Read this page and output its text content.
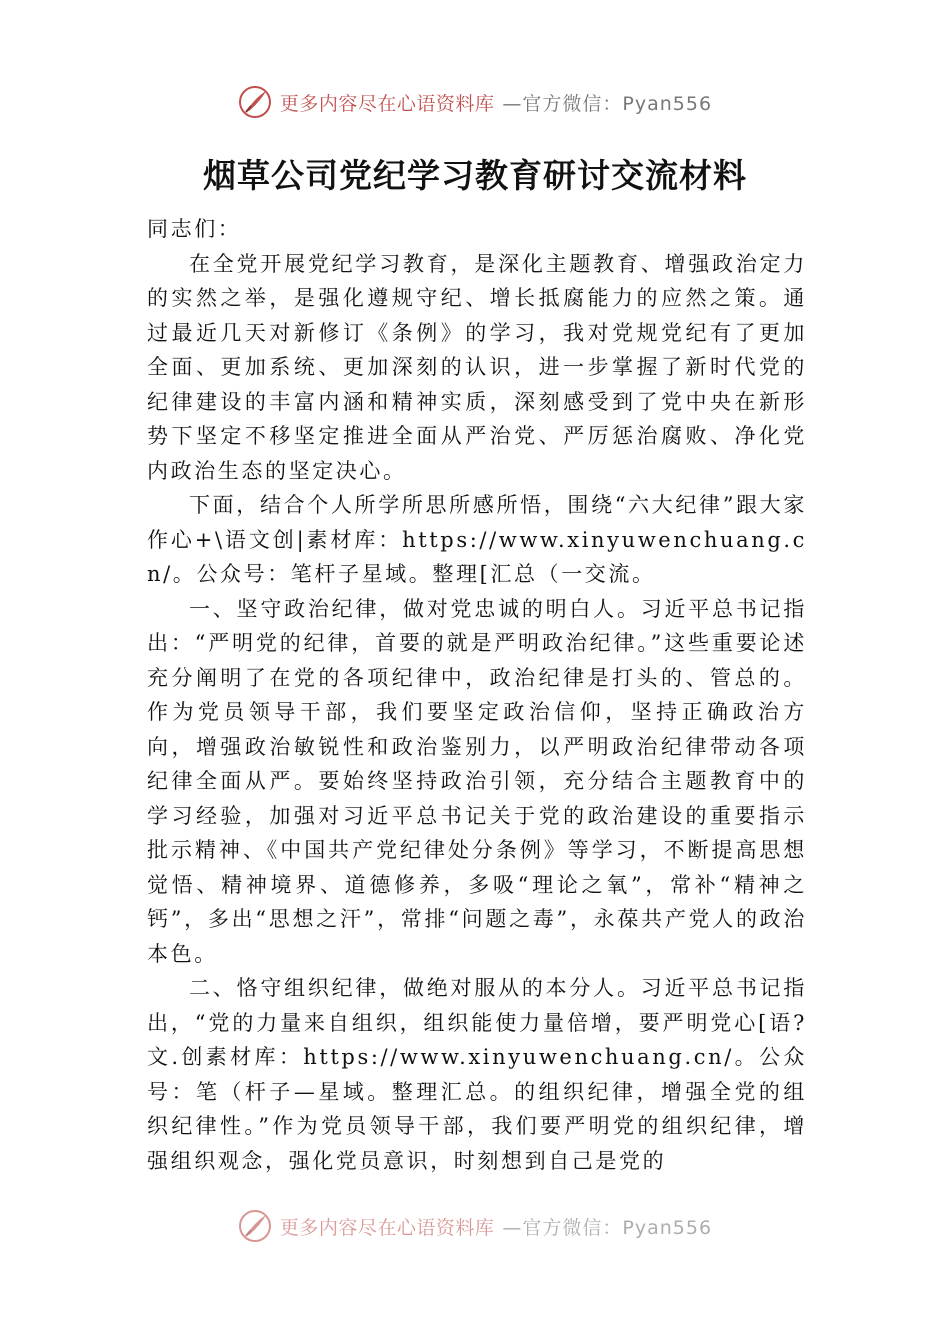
更多内容尽在心语资料库 —官方微信：Pyan556
烟草公司党纪学习教育研讨交流材料

同志们：

在全党开展党纪学习教育，是深化主题教育、增强政治定力的实然之举，是强化遵规守纪、增长抵腐能力的应然之策。通过最近几天对新修订《条例》的学习，我对党规党纪有了更加全面、更加系统、更加深刻的认识，进一步掌握了新时代党的纪律建设的丰富内涵和精神实质，深刻感受到了党中央在新形势下坚定不移坚定推进全面从严治党、严厉惩治腐败、净化党内政治生态的坚定决心。

下面，结合个人所学所思所感所悟，围绕“六大纪律”跟大家作心+\语文创|素材库：https://www.xinyuwenchuang.cn/。公众号：笔杆子星域。整理[汇总（一交流。

一、坚守政治纪律，做对党忠诚的明白人。习近平总书记指出：“严明党的纪律，首要的就是严明政治纪律。”这些重要论述充分阐明了在党的各项纪律中，政治纪律是打头的、管总的。作为党员领导干部，我们要坚定政治信仰，坚持正确政治方向，增强政治敏锐性和政治鉴别力，以严明政治纪律带动各项纪律全面从严。要始终坚持政治引领，充分结合主题教育中的学习经验，加强对习近平总书记关于党的政治建设的重要指示批示精神、《中国共产党纪律处分条例》等学习，不断提高思想觉悟、精神境界、道德修养，多吸“理论之氧”，常补“精神之钙”，多出“思想之汗”，常排“问题之毒”，永葆共产党人的政治本色。

二、恪守组织纪律，做绝对服从的本分人。习近平总书记指出，“党的力量来自组织，组织能使力量倍增，要严明党心[语?文.创素材库：https://www.xinyuwenchuang.cn/。公众号：笔（杆子—星域。整理汇总。的组织纪律，增强全党的组织纪律性。”作为党员领导干部，我们要严明党的组织纪律，增强组织观念，强化党员意识，时刻想到自己是党的

更多内容尽在心语资料库 —官方微信：Pyan556
